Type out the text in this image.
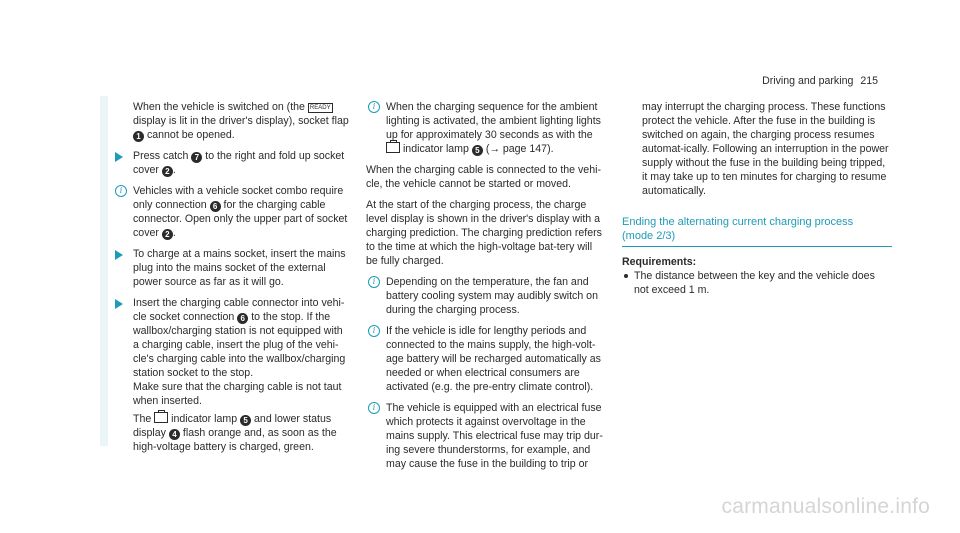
Driving and parking 215
When the vehicle is switched on (the READY display is lit in the driver's display), socket flap 1 cannot be opened.
Press catch 7 to the right and fold up socket cover 2 .
i	Vehicles with a vehicle socket combo require only connection 6 for the charging cable connector. Open only the upper part of socket cover 2 .
To charge at a mains socket, insert the mains plug into the mains socket of the external power source as far as it will go.
Insert the charging cable connector into vehi- cle socket connection 6 to the stop. If the wallbox/charging station is not equipped with a charging cable, insert the plug of the vehi- cle's charging cable into the wallbox/charging station socket to the stop.
Make sure that the charging cable is not taut when inserted.
The indicator lamp 5 and lower status display 4 flash orange and, as soon as the high-voltage battery is charged, green.
i	When the charging sequence for the ambient lighting is activated, the ambient lighting lights up for approximately 30 seconds as with the  indicator lamp 5 (→ page 147).

When the charging cable is connected to the vehi-cle, the vehicle cannot be started or moved.

At the start of the charging process, the charge level display is shown in the driver's display with a charging prediction. The charging prediction refers to the time at which the high-voltage bat-tery will be fully charged.

i	Depending on the temperature, the fan and battery cooling system may audibly switch on during the charging process.
i	If the vehicle is idle for lengthy periods and connected to the mains supply, the high-volt-age battery will be recharged automatically as needed or when electrical consumers are activated (e.g. the pre-entry climate control).
i	The vehicle is equipped with an electrical fuse which protects it against overvoltage in the mains supply. This electrical fuse may trip dur-ing severe thunderstorms, for example, and may cause the fuse in the building to trip or

may interrupt the charging process. These functions protect the vehicle. After the fuse in the building is switched on again, the charging process resumes automat-ically. Following an interruption in the power supply without the fuse in the building being tripped, it may take up to ten minutes for charging to resume automatically.

Ending the alternating current charging process
(mode 2/3)
Requirements:
The distance between the key and the vehicle does not exceed 1 m.
carmanualsonline.info
